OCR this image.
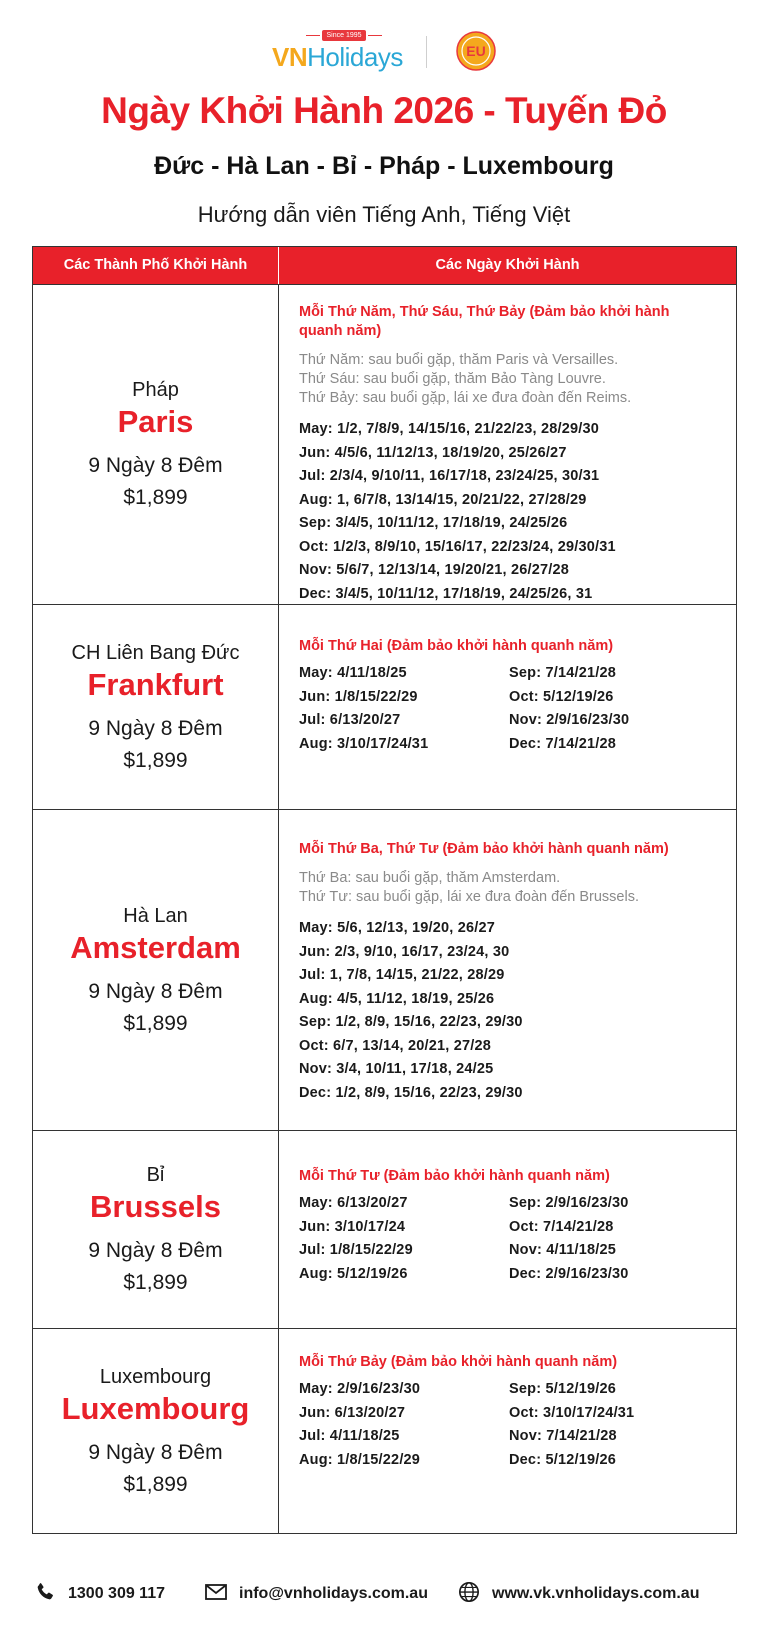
Since 1995
VNHolidays	EU
Ngày Khởi Hành 2026 - Tuyến Đỏ
Đức - Hà Lan - Bỉ - Pháp - Luxembourg
Hướng dẫn viên Tiếng Anh, Tiếng Việt
Các Thành Phố Khởi Hành	Các Ngày Khởi Hành
Pháp
Paris
9 Ngày 8 Đêm
$1,899
Mỗi Thứ Năm, Thứ Sáu, Thứ Bảy (Đảm bảo khởi hành quanh năm)
Thứ Năm: sau buổi gặp, thăm Paris và Versailles.
Thứ Sáu: sau buổi gặp, thăm Bảo Tàng Louvre.
Thứ Bảy: sau buổi gặp, lái xe đưa đoàn đến Reims.
May: 1/2, 7/8/9, 14/15/16, 21/22/23, 28/29/30
Jun: 4/5/6, 11/12/13, 18/19/20, 25/26/27
Jul: 2/3/4, 9/10/11, 16/17/18, 23/24/25, 30/31
Aug: 1, 6/7/8, 13/14/15, 20/21/22, 27/28/29
Sep: 3/4/5, 10/11/12, 17/18/19, 24/25/26
Oct: 1/2/3, 8/9/10, 15/16/17, 22/23/24, 29/30/31
Nov: 5/6/7, 12/13/14, 19/20/21, 26/27/28
Dec: 3/4/5, 10/11/12, 17/18/19, 24/25/26, 31
CH Liên Bang Đức
Frankfurt
9 Ngày 8 Đêm
$1,899
Mỗi Thứ Hai (Đảm bảo khởi hành quanh năm)
May: 4/11/18/25	Sep: 7/14/21/28
Jun: 1/8/15/22/29	Oct: 5/12/19/26
Jul: 6/13/20/27	Nov: 2/9/16/23/30
Aug: 3/10/17/24/31	Dec: 7/14/21/28
Hà Lan
Amsterdam
9 Ngày 8 Đêm
$1,899
Mỗi Thứ Ba, Thứ Tư (Đảm bảo khởi hành quanh năm)
Thứ Ba: sau buổi gặp, thăm Amsterdam.
Thứ Tư: sau buổi gặp, lái xe đưa đoàn đến Brussels.
May: 5/6, 12/13, 19/20, 26/27
Jun: 2/3, 9/10, 16/17, 23/24, 30
Jul: 1, 7/8, 14/15, 21/22, 28/29
Aug: 4/5, 11/12, 18/19, 25/26
Sep: 1/2, 8/9, 15/16, 22/23, 29/30
Oct: 6/7, 13/14, 20/21, 27/28
Nov: 3/4, 10/11, 17/18, 24/25
Dec: 1/2, 8/9, 15/16, 22/23, 29/30
Bỉ
Brussels
9 Ngày 8 Đêm
$1,899
Mỗi Thứ Tư (Đảm bảo khởi hành quanh năm)
May: 6/13/20/27	Sep: 2/9/16/23/30
Jun: 3/10/17/24	Oct: 7/14/21/28
Jul: 1/8/15/22/29	Nov: 4/11/18/25
Aug: 5/12/19/26	Dec: 2/9/16/23/30
Luxembourg
Luxembourg
9 Ngày 8 Đêm
$1,899
Mỗi Thứ Bảy (Đảm bảo khởi hành quanh năm)
May: 2/9/16/23/30	Sep: 5/12/19/26
Jun: 6/13/20/27	Oct: 3/10/17/24/31
Jul: 4/11/18/25	Nov: 7/14/21/28
Aug: 1/8/15/22/29	Dec: 5/12/19/26
1300 309 117	info@vnholidays.com.au	www.vk.vnholidays.com.au
